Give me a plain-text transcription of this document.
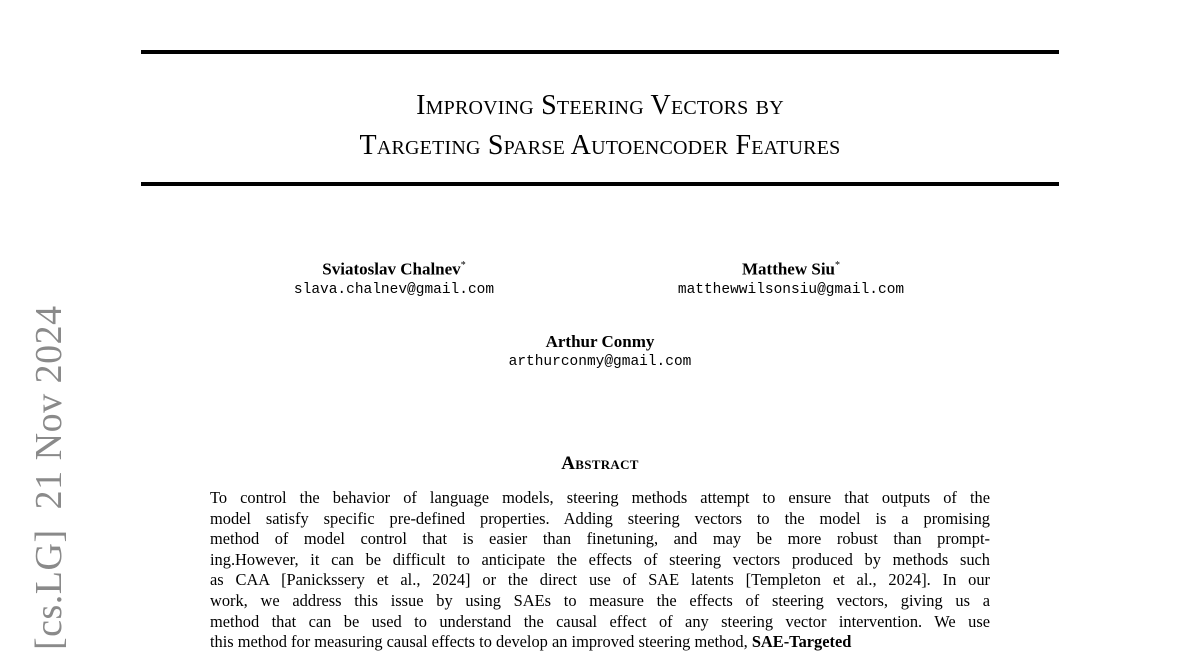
Improving Steering Vectors by
Targeting Sparse Autoencoder Features
Sviatoslav Chalnev*
slava.chalnev@gmail.com
Matthew Siu*
matthewwilsonsiu@gmail.com
Arthur Conmy
arthurconmy@gmail.com
Abstract
To control the behavior of language models, steering methods attempt to ensure that outputs of the
model satisfy specific pre-defined properties. Adding steering vectors to the model is a promising
method of model control that is easier than finetuning, and may be more robust than prompt-
ing.However, it can be difficult to anticipate the effects of steering vectors produced by methods such
as CAA [Panickssery et al., 2024] or the direct use of SAE latents [Templeton et al., 2024]. In our
work, we address this issue by using SAEs to measure the effects of steering vectors, giving us a
method that can be used to understand the causal effect of any steering vector intervention. We use
this method for measuring causal effects to develop an improved steering method, SAE-Targeted
[cs.LG]  21 Nov 2024
